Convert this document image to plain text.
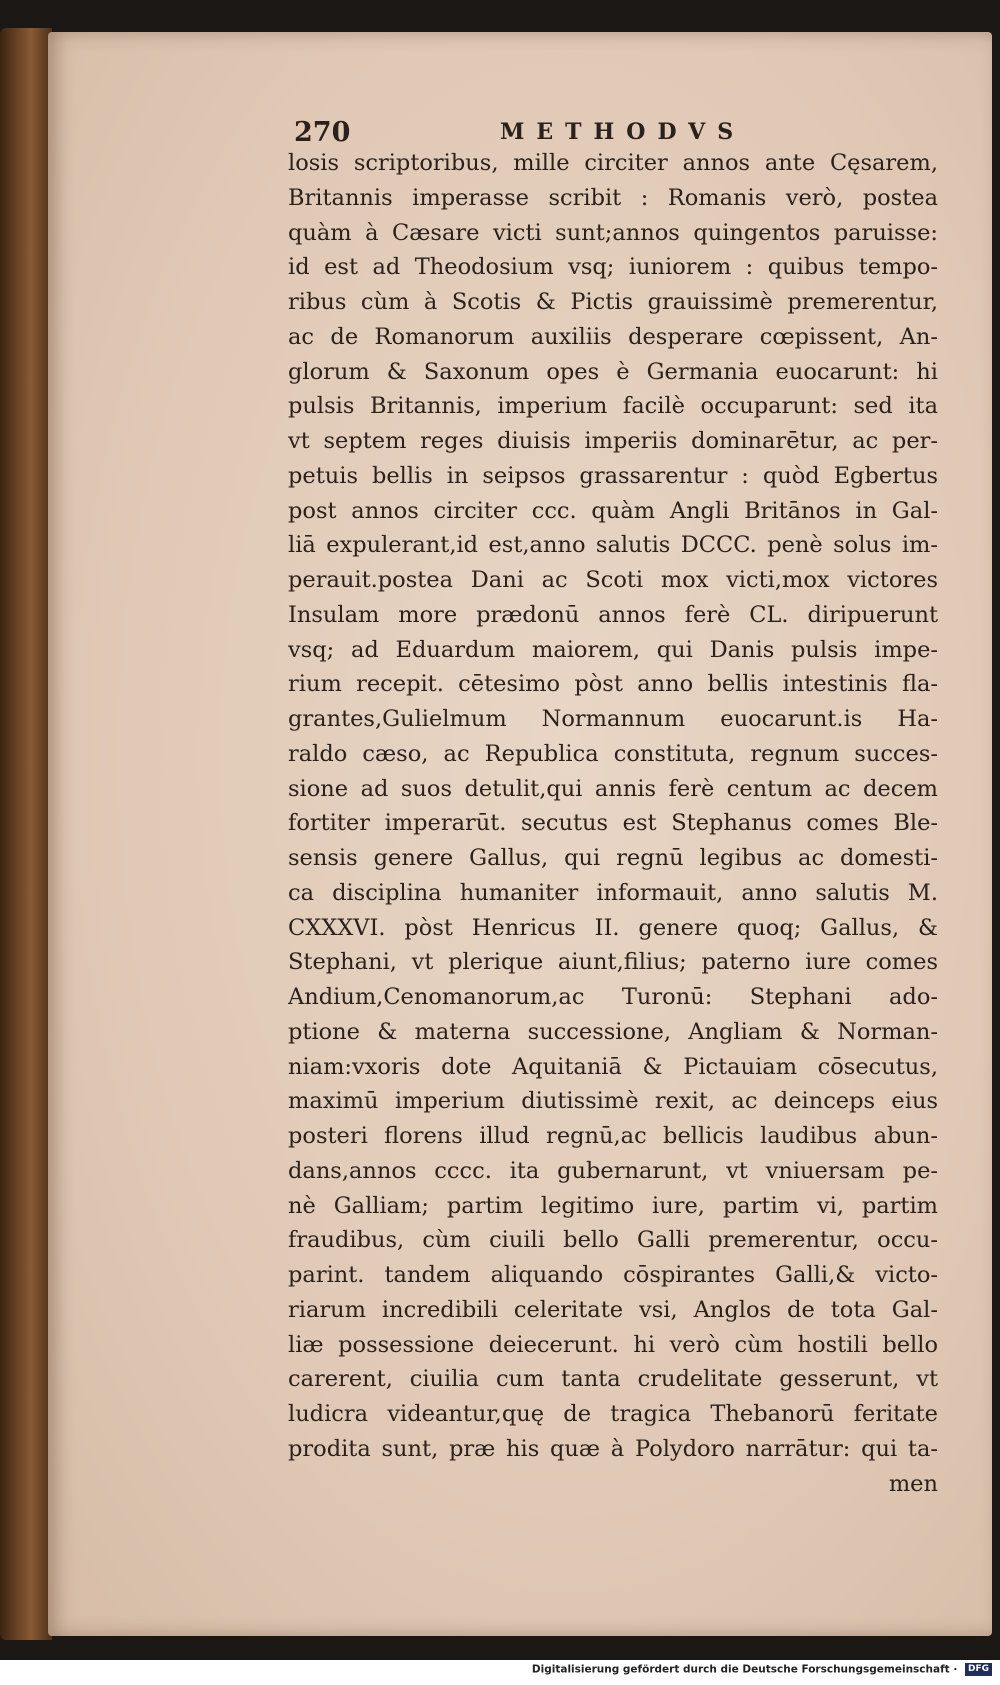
270	METHODVS
losis scriptoribus, mille circiter annos ante Cęsarem,
Britannis imperasse scribit : Romanis verò, postea
quàm à Cæsare victi sunt;annos quingentos paruisse:
id est ad Theodosium vsq; iuniorem : quibus tempo-
ribus cùm à Scotis & Pictis grauissimè premerentur,
ac de Romanorum auxiliis desperare cœpissent, An-
glorum & Saxonum opes è Germania euocarunt: hi
pulsis Britannis, imperium facilè occuparunt: sed ita
vt septem reges diuisis imperiis dominarētur, ac per-
petuis bellis in seipsos grassarentur : quòd Egbertus
post annos circiter ccc. quàm Angli Britānos in Gal-
liā expulerant,id est,anno salutis DCCC. penè solus im-
perauit.postea Dani ac Scoti mox victi,mox victores
Insulam more prædonū annos ferè CL. diripuerunt
vsq; ad Eduardum maiorem, qui Danis pulsis impe-
rium recepit. cētesimo pòst anno bellis intestinis fla-
grantes,Gulielmum Normannum euocarunt.is Ha-
raldo cæso, ac Republica constituta, regnum succes-
sione ad suos detulit,qui annis ferè centum ac decem
fortiter imperarūt. secutus est Stephanus comes Ble-
sensis genere Gallus, qui regnū legibus ac domesti-
ca disciplina humaniter informauit, anno salutis M.
CXXXVI. pòst Henricus II. genere quoq; Gallus, &
Stephani, vt plerique aiunt,filius; paterno iure comes
Andium,Cenomanorum,ac Turonū: Stephani ado-
ptione & materna successione, Angliam & Norman-
niam:vxoris dote Aquitaniā & Pictauiam cōsecutus,
maximū imperium diutissimè rexit, ac deinceps eius
posteri florens illud regnū,ac bellicis laudibus abun-
dans,annos cccc. ita gubernarunt, vt vniuersam pe-
nè Galliam; partim legitimo iure, partim vi, partim
fraudibus, cùm ciuili bello Galli premerentur, occu-
parint. tandem aliquando cōspirantes Galli,& victo-
riarum incredibili celeritate vsi, Anglos de tota Gal-
liæ possessione deiecerunt. hi verò cùm hostili bello
carerent, ciuilia cum tanta crudelitate gesserunt, vt
ludicra videantur,quę de tragica Thebanorū feritate
prodita sunt, præ his quæ à Polydoro narrātur: qui ta-
men
Digitalisierung gefördert durch die Deutsche Forschungsgemeinschaft · DFG
